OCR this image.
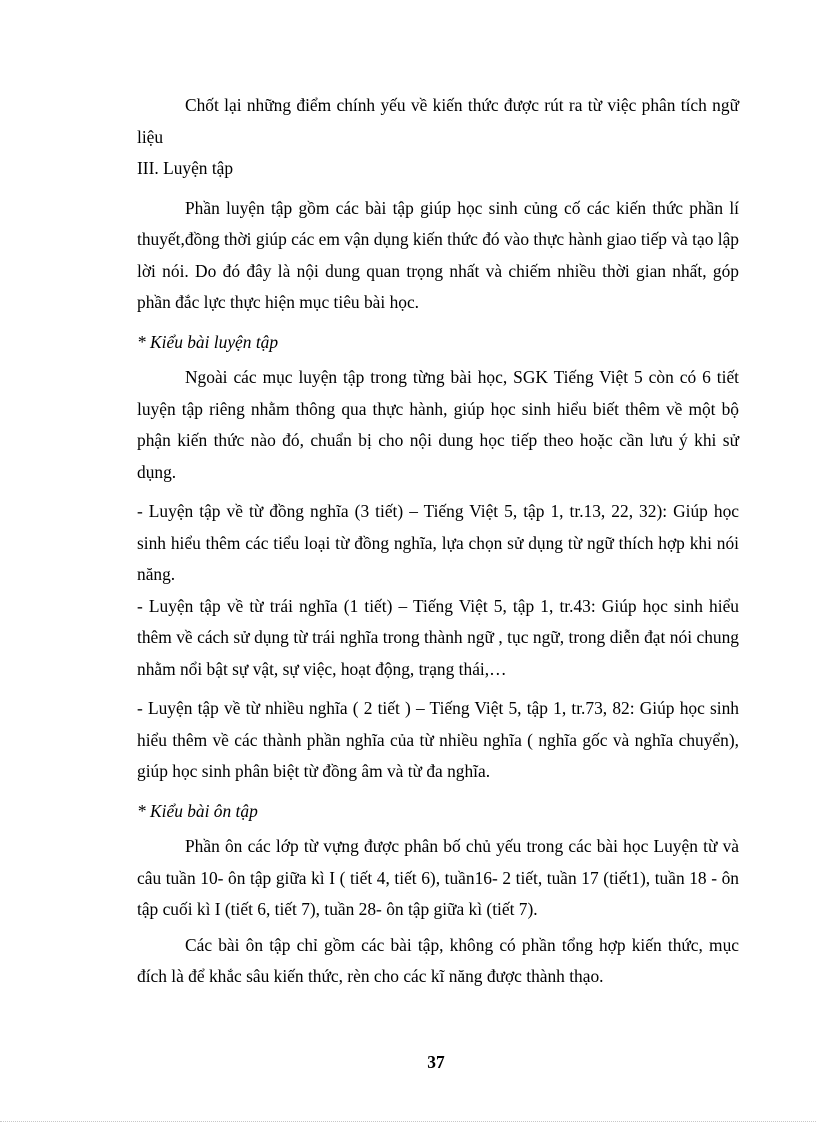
Chốt lại những điểm chính yếu về kiến thức được rút ra từ việc phân tích ngữ liệu

III. Luyện tập

Phần luyện tập gồm các bài tập giúp học sinh củng cố các kiến thức phần lí thuyết,đồng thời giúp các em vận dụng kiến thức đó vào thực hành giao tiếp và tạo lập lời nói. Do đó đây là nội dung quan trọng nhất và chiếm nhiều thời gian nhất, góp phần đắc lực thực hiện mục tiêu bài học.

* Kiểu bài luyện tập

Ngoài các mục luyện tập trong từng bài học, SGK Tiếng Việt 5 còn có 6 tiết luyện tập riêng nhằm thông qua thực hành, giúp học sinh hiểu biết thêm về một bộ phận kiến thức nào đó, chuẩn bị cho nội dung học tiếp theo hoặc cần lưu ý khi sử dụng.

- Luyện tập về từ đồng nghĩa (3 tiết) – Tiếng Việt 5, tập 1, tr.13, 22, 32): Giúp học sinh hiểu thêm các tiểu loại từ đồng nghĩa, lựa chọn sử dụng từ ngữ thích hợp khi nói năng.

- Luyện tập về từ trái nghĩa (1 tiết) – Tiếng Việt 5, tập 1, tr.43: Giúp học sinh hiểu thêm về cách sử dụng từ trái nghĩa trong thành ngữ , tục ngữ, trong diễn đạt nói chung nhằm nổi bật sự vật, sự việc, hoạt động, trạng thái,…

- Luyện tập về từ nhiều nghĩa ( 2 tiết ) – Tiếng Việt 5, tập 1, tr.73, 82: Giúp học sinh hiểu thêm về các thành phần nghĩa của từ nhiều nghĩa ( nghĩa gốc và nghĩa chuyển), giúp học sinh phân biệt từ đồng âm và từ đa nghĩa.

* Kiểu bài ôn tập

Phần ôn các lớp từ vựng được phân bố chủ yếu trong các bài học Luyện từ và câu tuần 10- ôn tập giữa kì I ( tiết 4, tiết 6), tuần16- 2 tiết, tuần 17 (tiết1), tuần 18 - ôn tập cuối kì I (tiết 6, tiết 7), tuần 28- ôn tập giữa kì (tiết 7).

Các bài ôn tập chỉ gồm các bài tập, không có phần tổng hợp kiến thức, mục đích là để khắc sâu kiến thức, rèn cho các kĩ năng được thành thạo.

37
